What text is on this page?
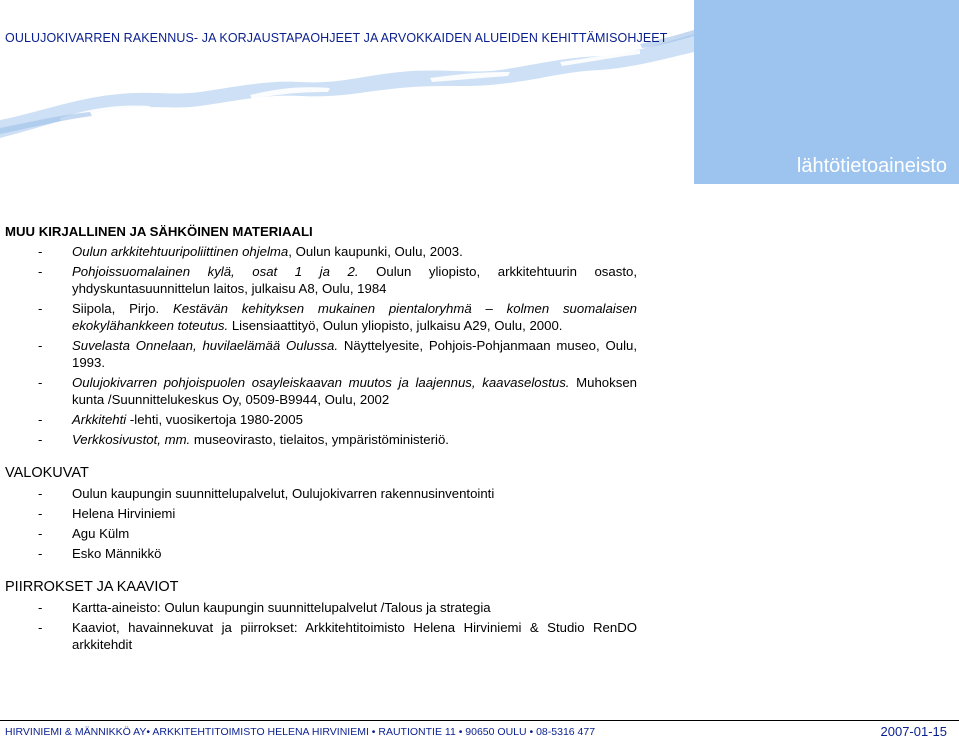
OULUJOKIVARREN RAKENNUS- JA KORJAUSTAPAOHJEET JA ARVOKKAIDEN ALUEIDEN KEHITTÄMISOHJEET
lähtötietoaineisto
MUU KIRJALLINEN JA SÄHKÖINEN MATERIAALI
- Oulun arkkitehtuuripoliittinen ohjelma, Oulun kaupunki, Oulu, 2003.
- Pohjoissuomalainen kylä, osat 1 ja 2. Oulun yliopisto, arkkitehtuurin osasto, yhdyskuntasuunnittelun laitos, julkaisu A8, Oulu, 1984
- Siipola, Pirjo. Kestävän kehityksen mukainen pientaloryhmä – kolmen suomalaisen ekokylähankkeen toteutus. Lisensiaattityö, Oulun yliopisto, julkaisu A29, Oulu, 2000.
- Suvelasta Onnelaan, huvilaelämää Oulussa. Näyttelyesite, Pohjois-Pohjanmaan museo, Oulu, 1993.
- Oulujokivarren pohjoispuolen osayleiskaavan muutos ja laajennus, kaavaselostus. Muhoksen kunta /Suunnittelukeskus Oy, 0509-B9944, Oulu, 2002
- Arkkitehti -lehti, vuosikertoja 1980-2005
- Verkkosivustot, mm. museovirasto, tielaitos, ympäristöministeriö.
VALOKUVAT
- Oulun kaupungin suunnittelupalvelut, Oulujokivarren rakennusinventointi
- Helena Hirviniemi
- Agu Külm
- Esko Männikkö
PIIRROKSET JA KAAVIOT
- Kartta-aineisto: Oulun kaupungin suunnittelupalvelut /Talous ja strategia
- Kaaviot, havainnekuvat ja piirrokset: Arkkitehtitoimisto Helena Hirviniemi & Studio RenDO arkkitehdit
HIRVINIEMI & MÄNNIKKÖ AY• ARKKITEHTITOIMISTO HELENA HIRVINIEMI • RAUTIONTIE 11 • 90650 OULU • 08-5316 477	2007-01-15
